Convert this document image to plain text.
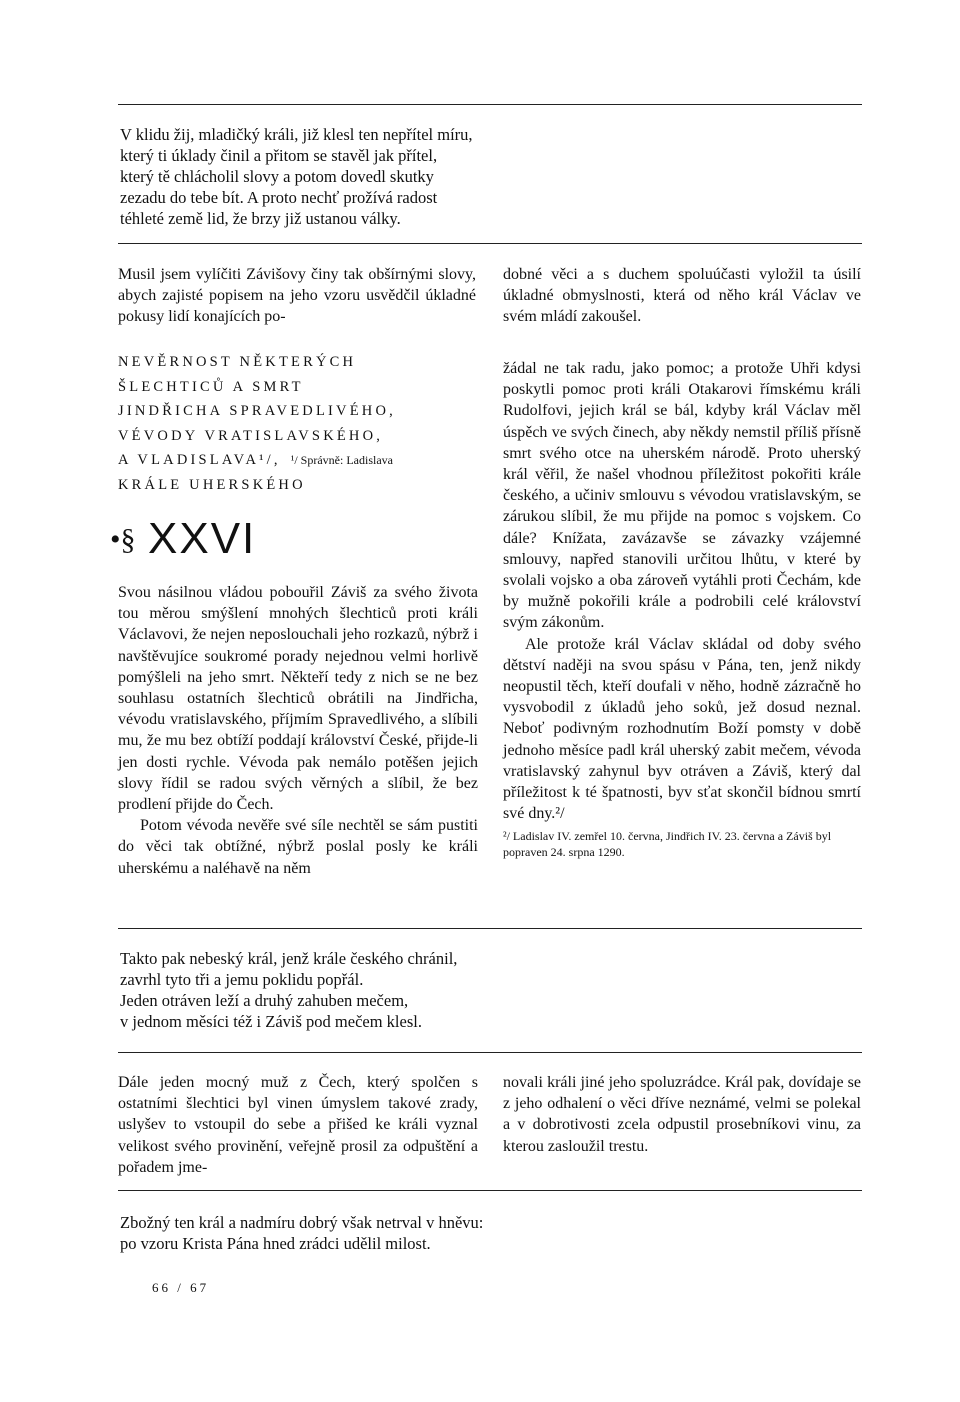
V klidu žij, mladičký králi, již klesl ten nepřítel míru,
který ti úklady činil a přitom se stavěl jak přítel,
který tě chlácholil slovy a potom dovedl skutky
zezadu do tebe bít. A proto nechť prožívá radost
téhleté země lid, že brzy již ustanou války.

Musil jsem vylíčiti Závišovy činy tak obšírnými slovy, abych zajisté popisem na jeho vzoru usvědčil úkladné pokusy lidí konajících po-

dobné věci a s duchem spoluúčasti vyložil ta úsilí úkladné obmyslnosti, která od něho král Václav ve svém mládí zakoušel.

NEVĚRNOST NĚKTERÝCH
ŠLECHTICŮ A SMRT
JINDŘICHA SPRAVEDLIVÉHO,
VÉVODY VRATISLAVSKÉHO,
A VLADISLAVA¹/, ¹/ Správně: Ladislava
KRÁLE UHERSKÉHO
•§ XXVI

Svou násilnou vládou pobouřil Záviš za svého života tou měrou smýšlení mnohých šlechticů proti králi Václavovi, že nejen neposlouchali jeho rozkazů, nýbrž i navštěvujíce soukromé porady nejednou velmi horlivě pomýšleli na jeho smrt. Někteří tedy z nich se ne bez souhlasu ostatních šlechticů obrátili na Jindřicha, vévodu vratislavského, příjmím Spravedlivého, a slíbili mu, že mu bez obtíží poddají království České, přijde-li jen dosti rychle. Vévoda pak nemálo potěšen jejich slovy řídil se radou svých věrných a slíbil, že bez prodlení přijde do Čech.

Potom vévoda nevěře své síle nechtěl se sám pustiti do věci tak obtížné, nýbrž poslal posly ke králi uherskému a naléhavě na něm

žádal ne tak radu, jako pomoc; a protože Uhři kdysi poskytli pomoc proti králi Otakarovi římskému králi Rudolfovi, jejich král se bál, kdyby král Václav měl úspěch ve svých činech, aby někdy nemstil příliš přísně smrt svého otce na uherském národě. Proto uherský král věřil, že našel vhodnou příležitost pokořiti krále českého, a učiniv smlouvu s vévodou vratislavským, se zárukou slíbil, že mu přijde na pomoc s vojskem. Co dále? Knížata, zavázavše se závazky vzájemné smlouvy, napřed stanovili určitou lhůtu, v které by svolali vojsko a oba zároveň vytáhli proti Čechám, kde by mužně pokořili krále a podrobili celé království svým zákonům.

Ale protože král Václav skládal od doby svého dětství naději na svou spásu v Pána, ten, jenž nikdy neopustil těch, kteří doufali v něho, hodně zázračně ho vysvobodil z úkladů jeho soků, jež dosud neznal. Neboť podivným rozhodnutím Boží pomsty v době jednoho měsíce padl král uherský zabit mečem, vévoda vratislavský zahynul byv otráven a Záviš, který dal příležitost k té špatnosti, byv sťat skončil bídnou smrtí své dny.²/

²/ Ladislav IV. zemřel 10. června, Jindřich IV. 23. června a Záviš byl popraven 24. srpna 1290.

Takto pak nebeský král, jenž krále českého chránil,
zavrhl tyto tři a jemu poklidu popřál.
Jeden otráven leží a druhý zahuben mečem,
v jednom měsíci též i Záviš pod mečem klesl.

Dále jeden mocný muž z Čech, který spolčen s ostatními šlechtici byl vinen úmyslem takové zrady, uslyšev to vstoupil do sebe a přišed ke králi vyznal velikost svého provinění, veřejně prosil za odpuštění a pořadem jme-

novali králi jiné jeho spoluzrádce. Král pak, dovídaje se z jeho odhalení o věci dříve neznámé, velmi se polekal a v dobrotivosti zcela odpustil prosebníkovi vinu, za kterou zasloužil trestu.

Zbožný ten král a nadmíru dobrý však netrval v hněvu:
po vzoru Krista Pána hned zrádci udělil milost.
66 / 67
